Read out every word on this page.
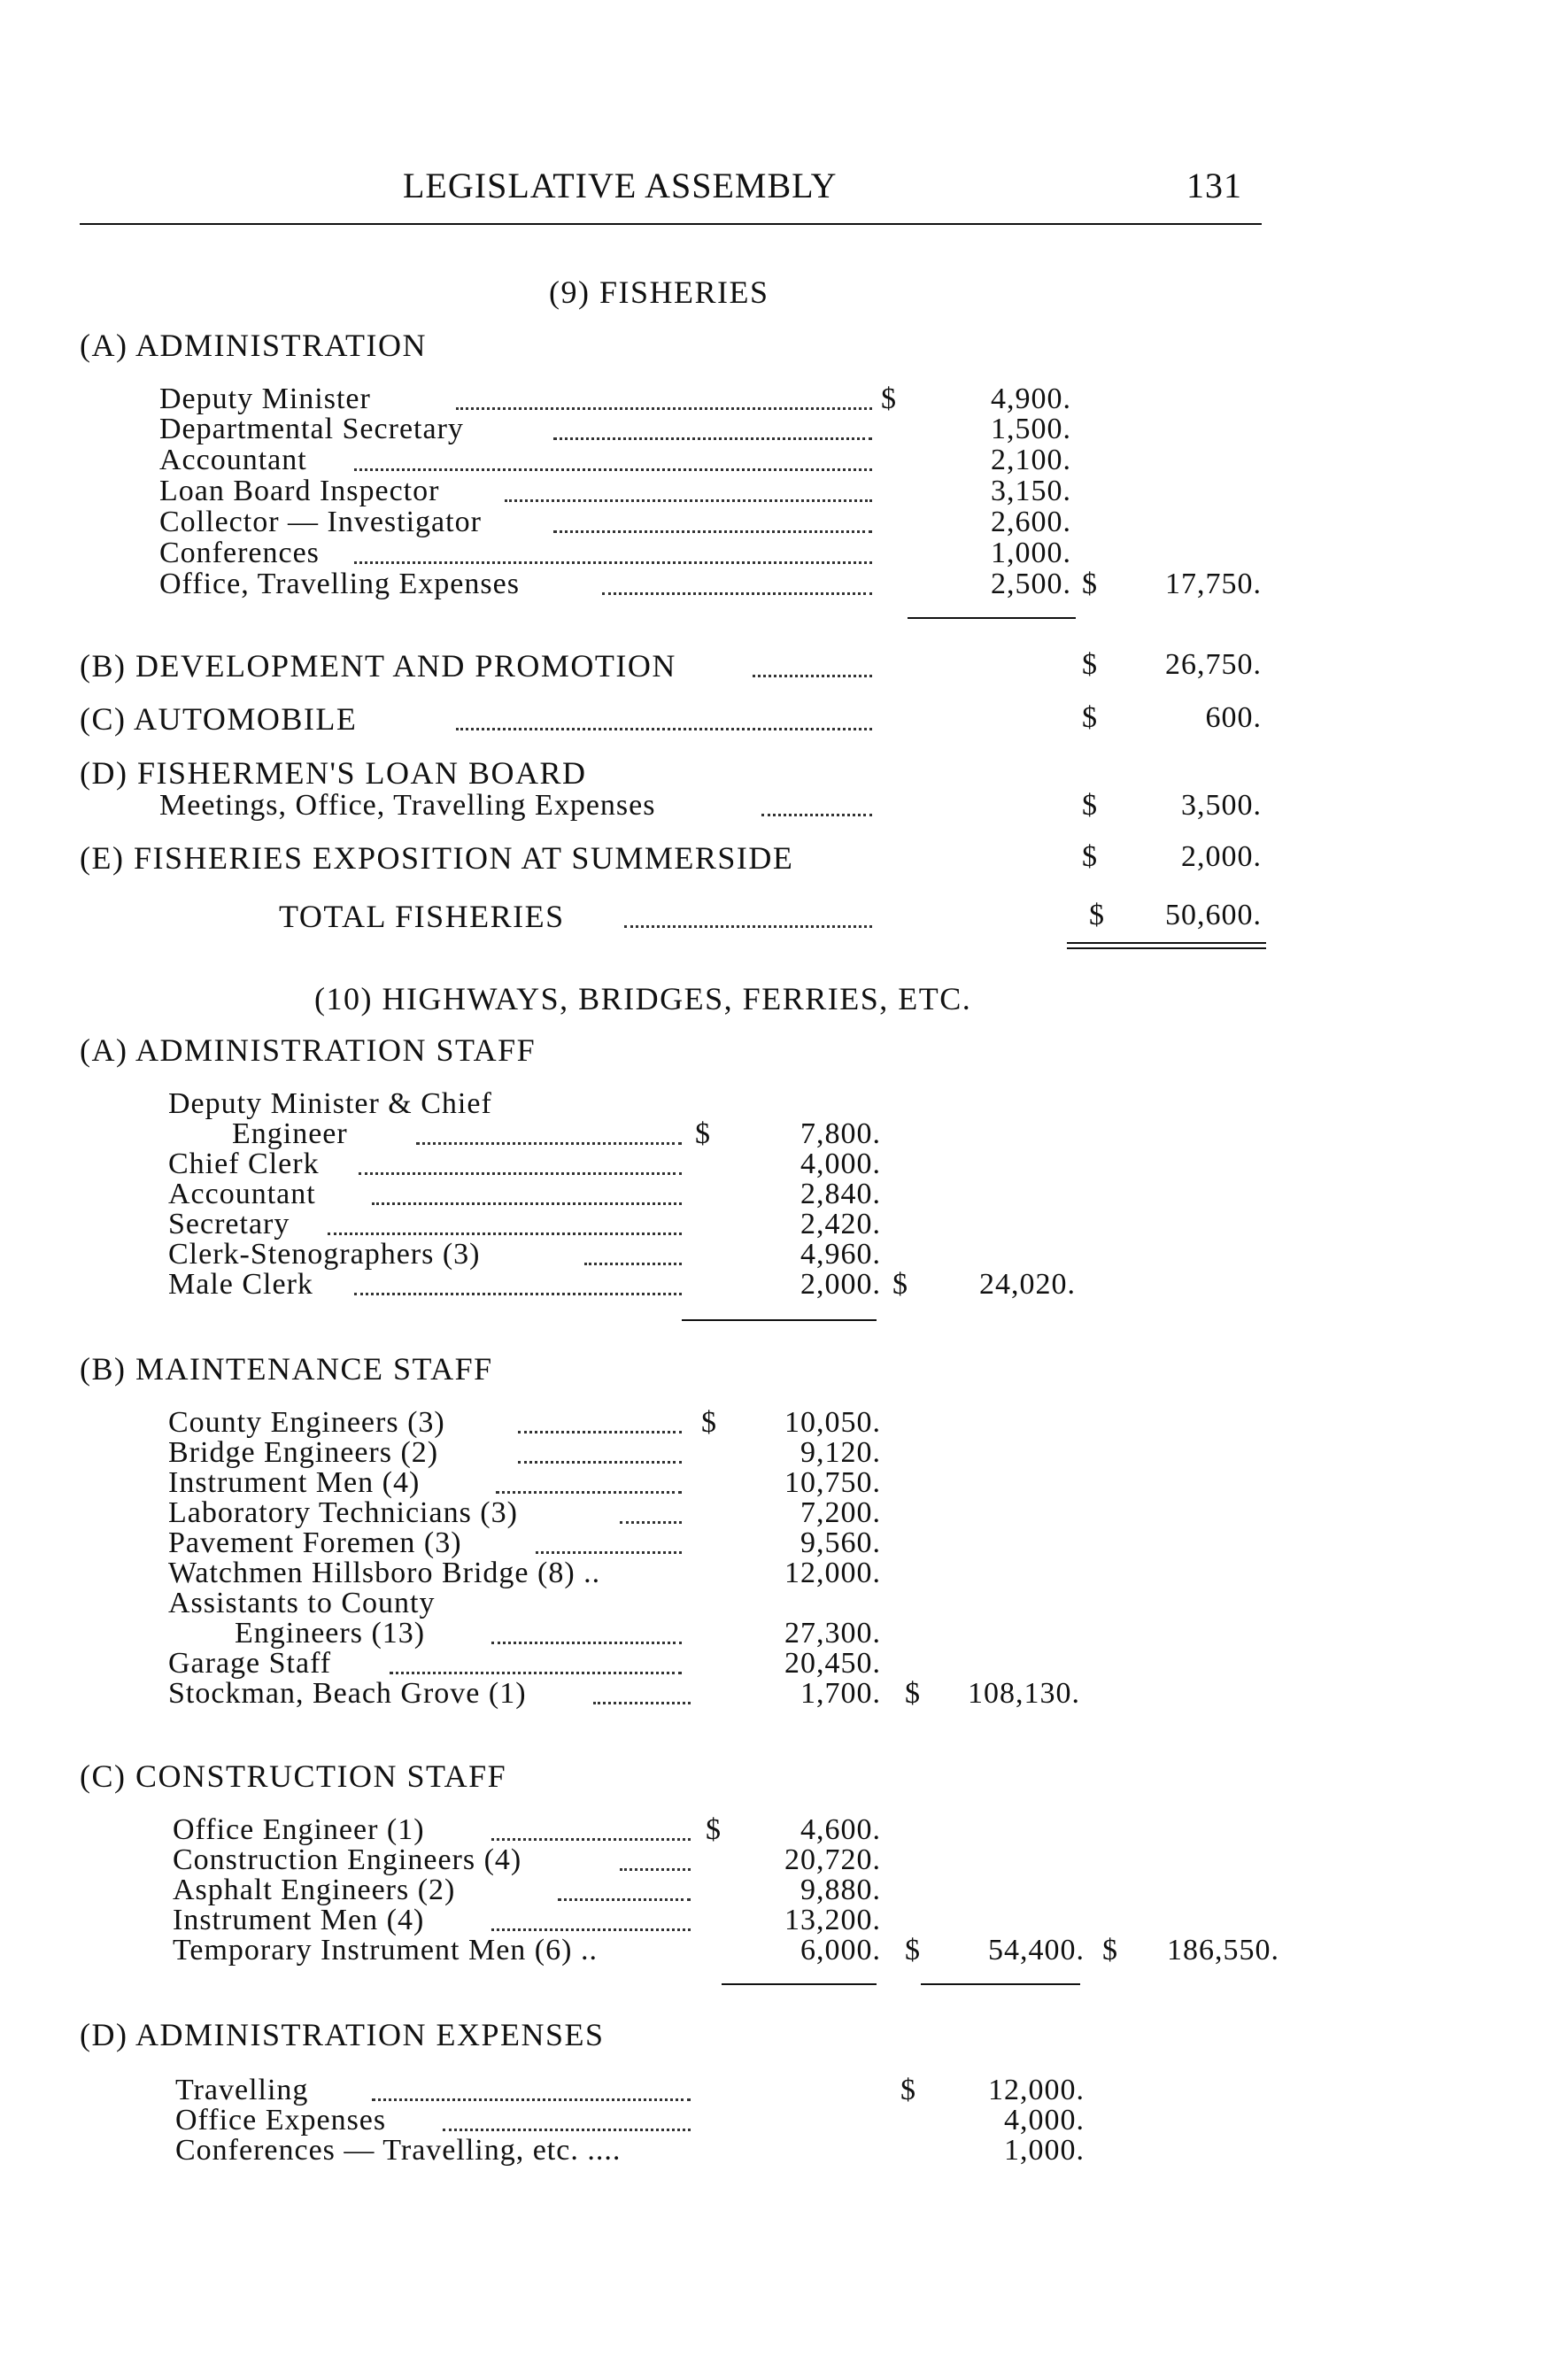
LEGISLATIVE ASSEMBLY	131
(9) FISHERIES
(A) ADMINISTRATION
Deputy Minister	$	4,900.
Departmental Secretary	1,500.
Accountant	2,100.
Loan Board Inspector	3,150.
Collector — Investigator	2,600.
Conferences	1,000.
Office, Travelling Expenses	2,500. $	17,750.
(B) DEVELOPMENT AND PROMOTION	$	26,750.
(C) AUTOMOBILE	$	600.
(D) FISHERMEN'S LOAN BOARD
Meetings, Office, Travelling Expenses	$	3,500.
(E) FISHERIES EXPOSITION AT SUMMERSIDE	$	2,000.
TOTAL FISHERIES	$	50,600.
(10) HIGHWAYS, BRIDGES, FERRIES, ETC.
(A) ADMINISTRATION STAFF
Deputy Minister & Chief
Engineer	$	7,800.
Chief Clerk	4,000.
Accountant	2,840.
Secretary	2,420.
Clerk-Stenographers (3)	4,960.
Male Clerk	2,000. $	24,020.
(B) MAINTENANCE STAFF
County Engineers (3)	$	10,050.
Bridge Engineers (2)	9,120.
Instrument Men (4)	10,750.
Laboratory Technicians (3)	7,200.
Pavement Foremen (3)	9,560.
Watchmen Hillsboro Bridge (8) ..	12,000.
Assistants to County
Engineers (13)	27,300.
Garage Staff	20,450.
Stockman, Beach Grove (1)	1,700. $	108,130.
(C) CONSTRUCTION STAFF
Office Engineer (1)	$	4,600.
Construction Engineers (4)	20,720.
Asphalt Engineers (2)	9,880.
Instrument Men (4)	13,200.
Temporary Instrument Men (6) ..	6,000. $	54,400. $	186,550.
(D) ADMINISTRATION EXPENSES
Travelling	$	12,000.
Office Expenses	4,000.
Conferences — Travelling, etc. ....	1,000.
